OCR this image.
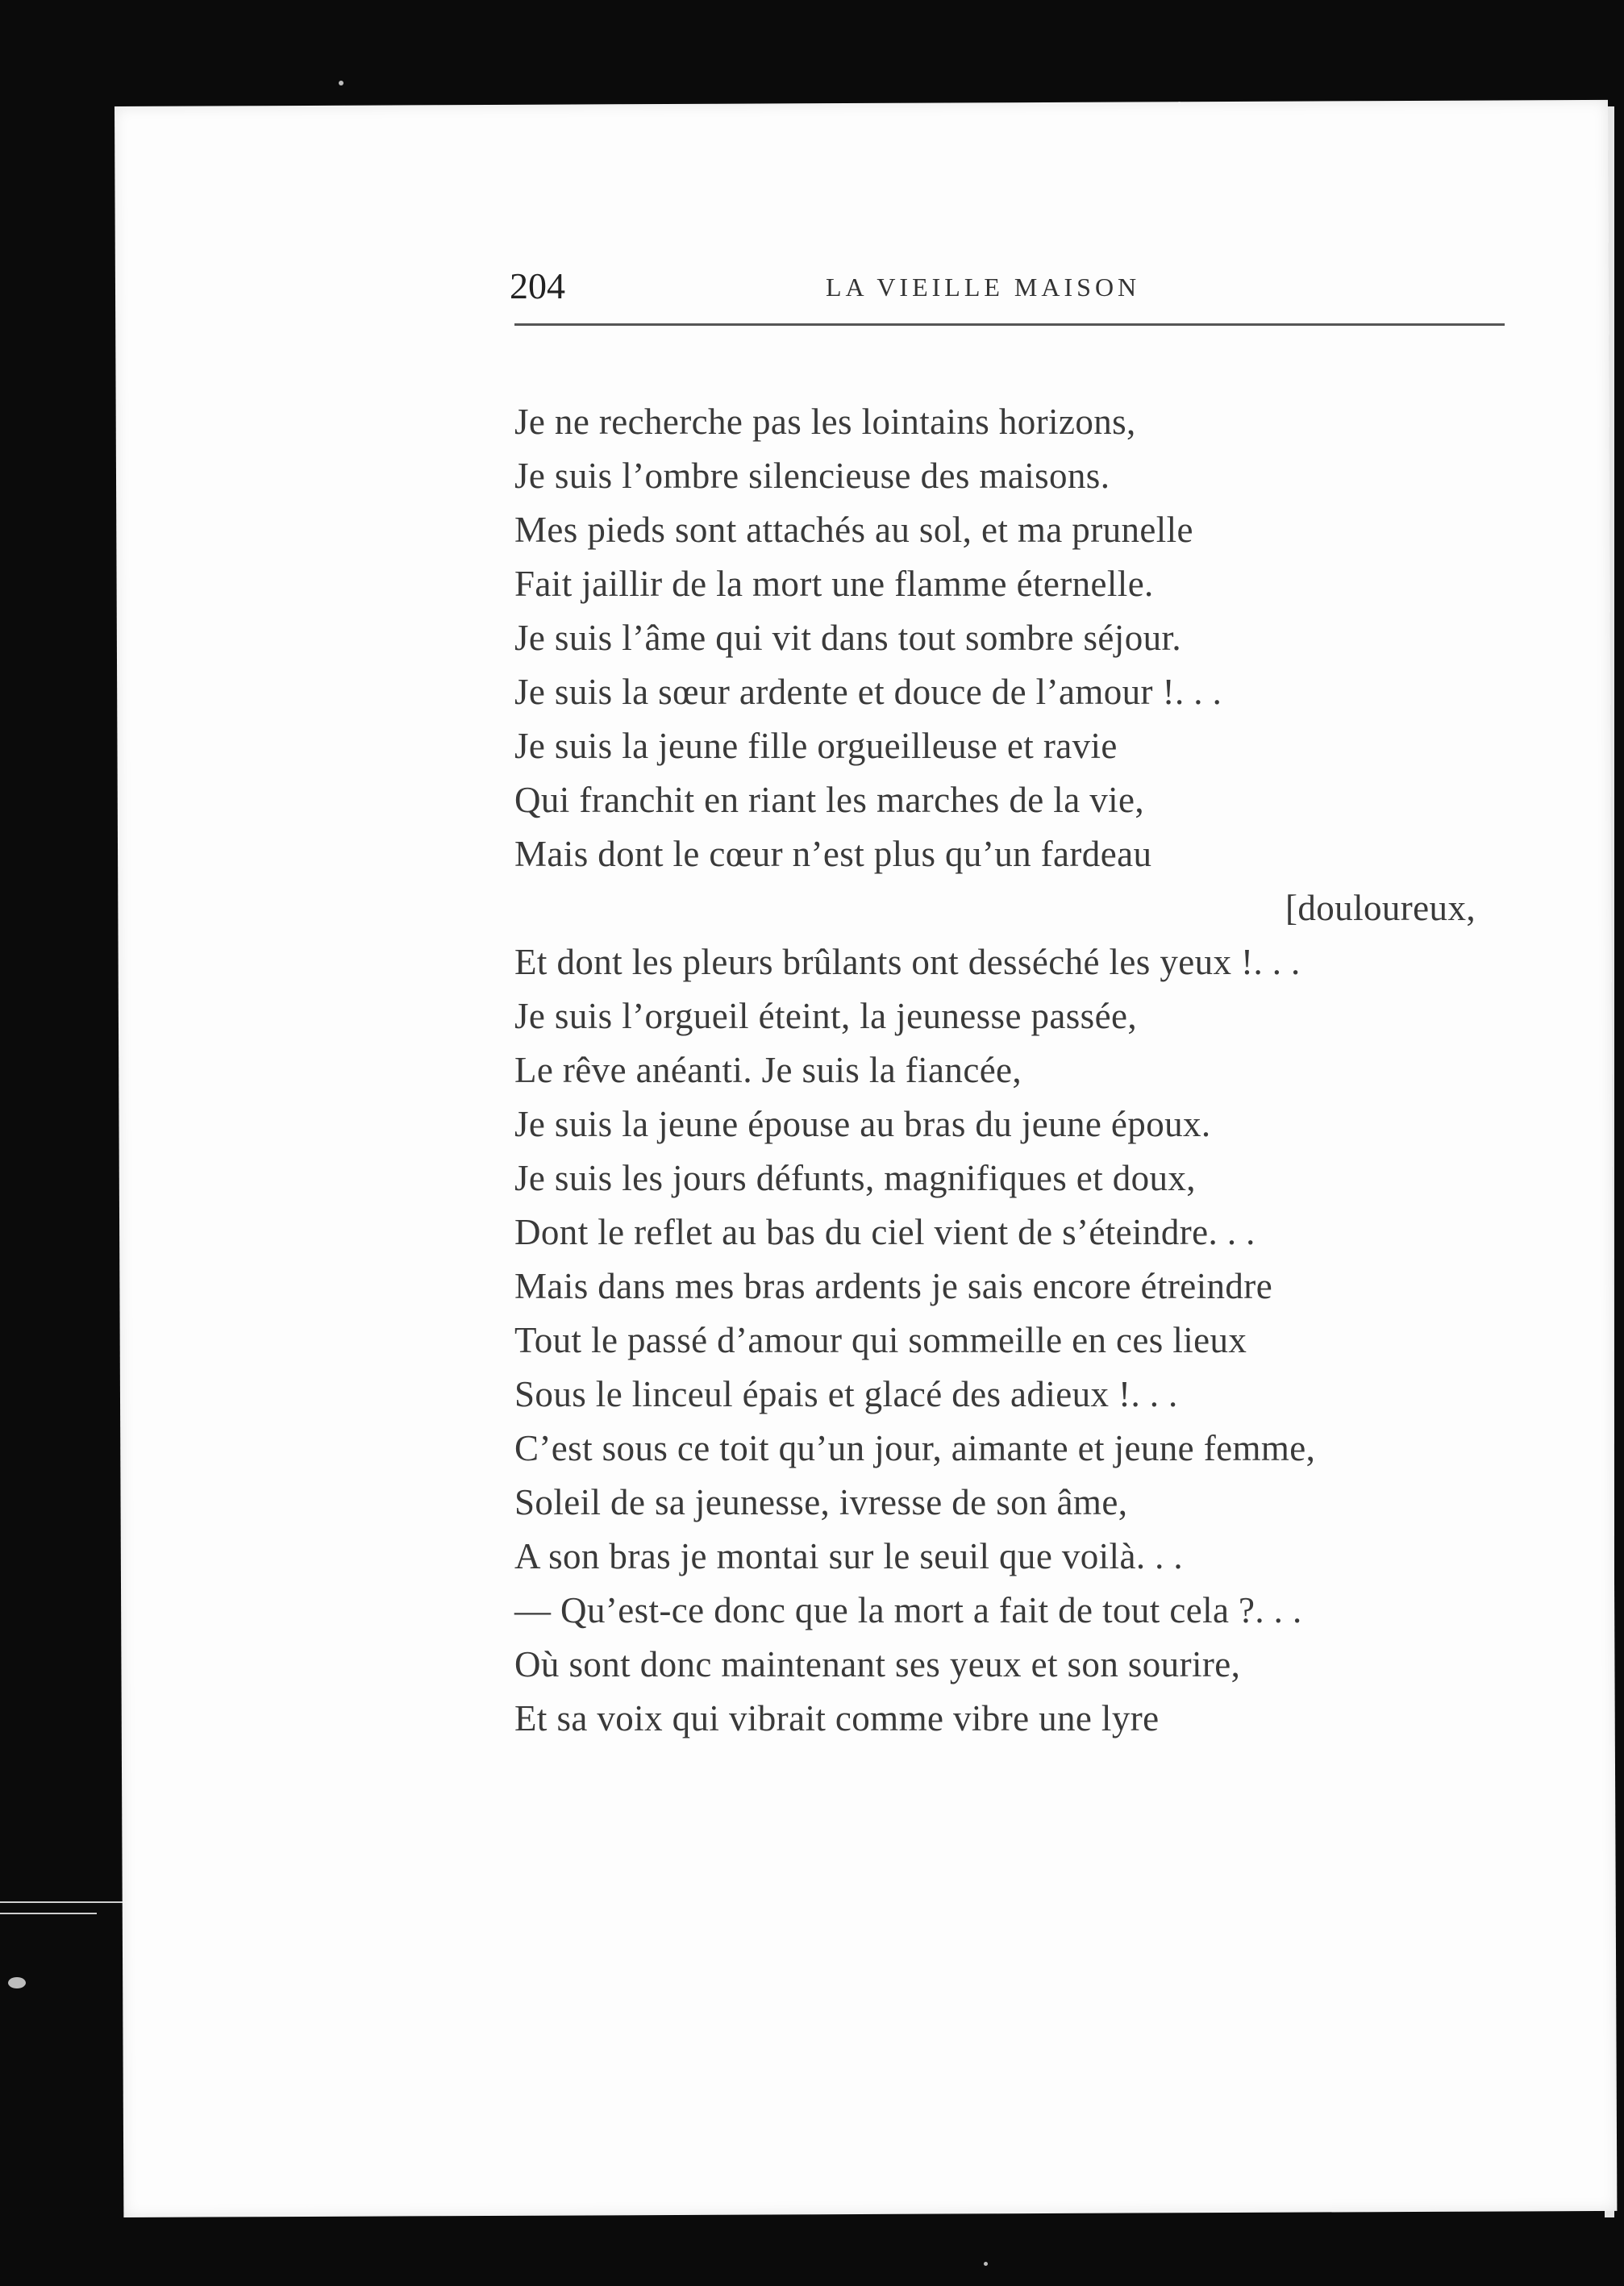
204	LA VIEILLE MAISON
Je ne recherche pas les lointains horizons,
Je suis l’ombre silencieuse des maisons.
Mes pieds sont attachés au sol, et ma prunelle
Fait jaillir de la mort une flamme éternelle.
Je suis l’âme qui vit dans tout sombre séjour.
Je suis la sœur ardente et douce de l’amour !. . .
Je suis la jeune fille orgueilleuse et ravie
Qui franchit en riant les marches de la vie,
Mais dont le cœur n’est plus qu’un fardeau
[douloureux,
Et dont les pleurs brûlants ont desséché les yeux !. . .
Je suis l’orgueil éteint, la jeunesse passée,
Le rêve anéanti. Je suis la fiancée,
Je suis la jeune épouse au bras du jeune époux.
Je suis les jours défunts, magnifiques et doux,
Dont le reflet au bas du ciel vient de s’éteindre. . .
Mais dans mes bras ardents je sais encore étreindre
Tout le passé d’amour qui sommeille en ces lieux
Sous le linceul épais et glacé des adieux !. . .
C’est sous ce toit qu’un jour, aimante et jeune femme,
Soleil de sa jeunesse, ivresse de son âme,
A son bras je montai sur le seuil que voilà. . .
— Qu’est-ce donc que la mort a fait de tout cela ?. . .
Où sont donc maintenant ses yeux et son sourire,
Et sa voix qui vibrait comme vibre une lyre
